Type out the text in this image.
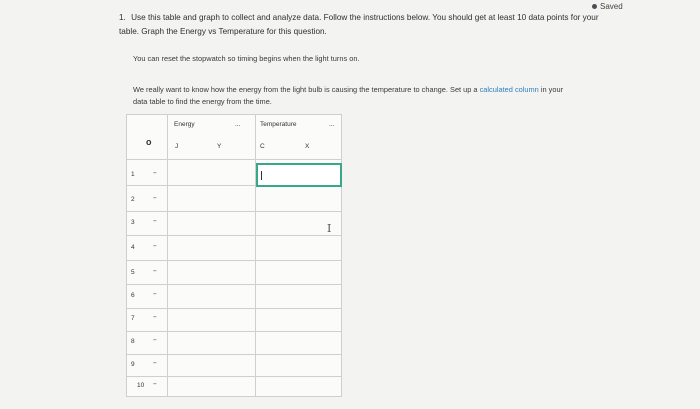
Saved
1. Use this table and graph to collect and analyze data. Follow the instructions below. You should get at least 10 data points for your table. Graph the Energy vs Temperature for this question.
You can reset the stopwatch so timing begins when the light turns on.
We really want to know how the energy from the light bulb is causing the temperature to change. Set up a calculated column in your data table to find the energy from the time.
Energy	...	Temperature	...
o	J	Y	C	X
1	--
2	--
3	--
4	--
5	--
6	--
7	--
8	--
9	--
10 --
I
